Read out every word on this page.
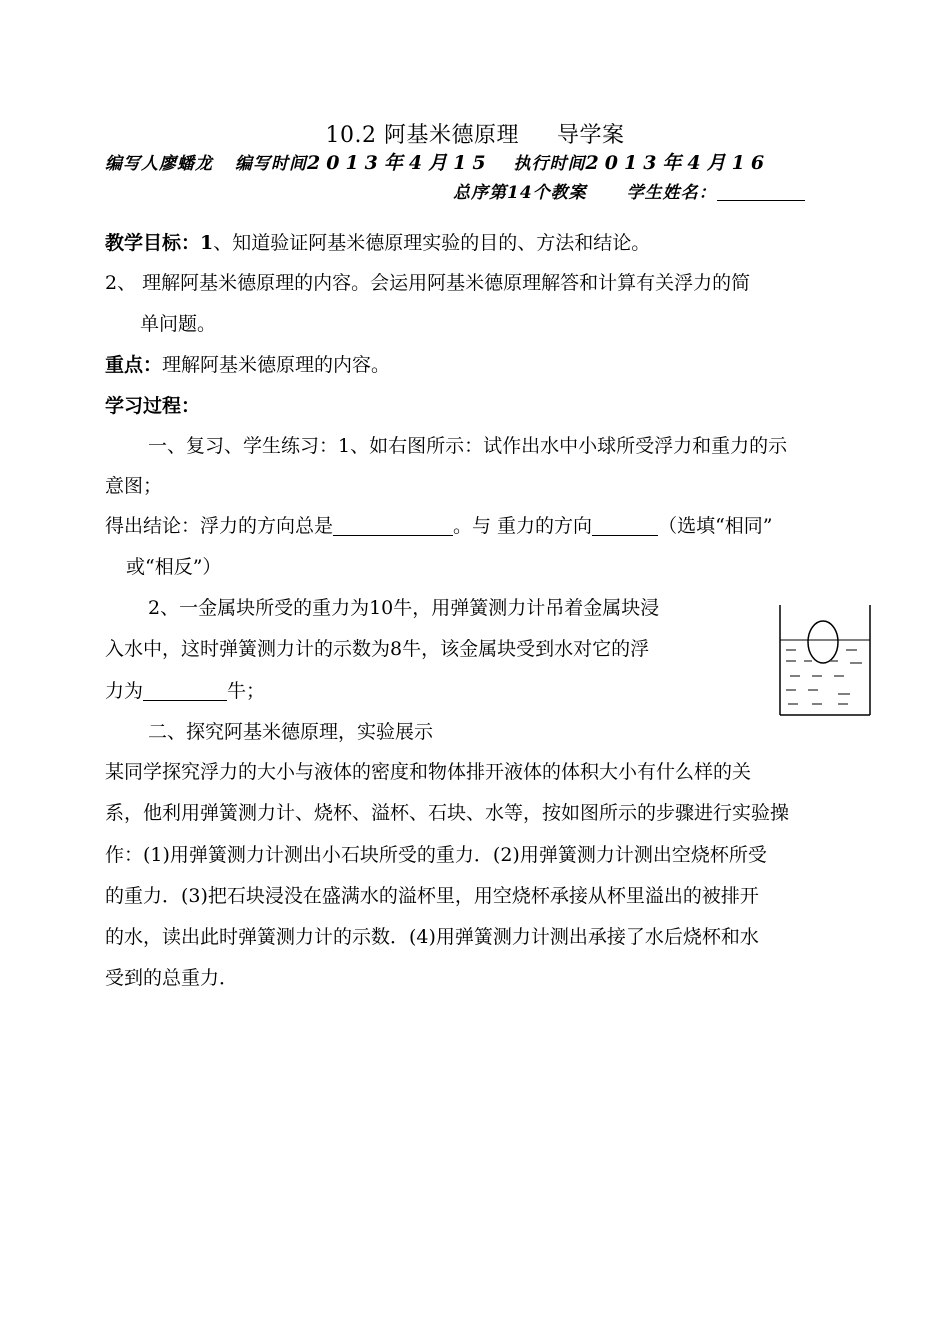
10.2 阿基米德原理 导学案
编写人廖蟠龙 编写时间2013年4月15 执行时间2013年4月16
总序第14个教案 学生姓名：
教学目标：1、知道验证阿基米德原理实验的目的、方法和结论。
2、 理解阿基米德原理的内容。会运用阿基米德原理解答和计算有关浮力的简
单问题。
重点：理解阿基米德原理的内容。
学习过程：
一、复习、学生练习：1、如右图所示：试作出水中小球所受浮力和重力的示
意图；
得出结论：浮力的方向总是	。与 重力的方向	（选填“相同”
或“相反”）
2、一金属块所受的重力为10牛，用弹簧测力计吊着金属块浸
入水中，这时弹簧测力计的示数为8牛，该金属块受到水对它的浮
力为	牛；
二、探究阿基米德原理，实验展示
某同学探究浮力的大小与液体的密度和物体排开液体的体积大小有什么样的关
系，他利用弹簧测力计、烧杯、溢杯、石块、水等，按如图所示的步骤进行实验操
作：(1)用弹簧测力计测出小石块所受的重力．(2)用弹簧测力计测出空烧杯所受
的重力．(3)把石块浸没在盛满水的溢杯里，用空烧杯承接从杯里溢出的被排开
的水，读出此时弹簧测力计的示数．(4)用弹簧测力计测出承接了水后烧杯和水
受到的总重力．
